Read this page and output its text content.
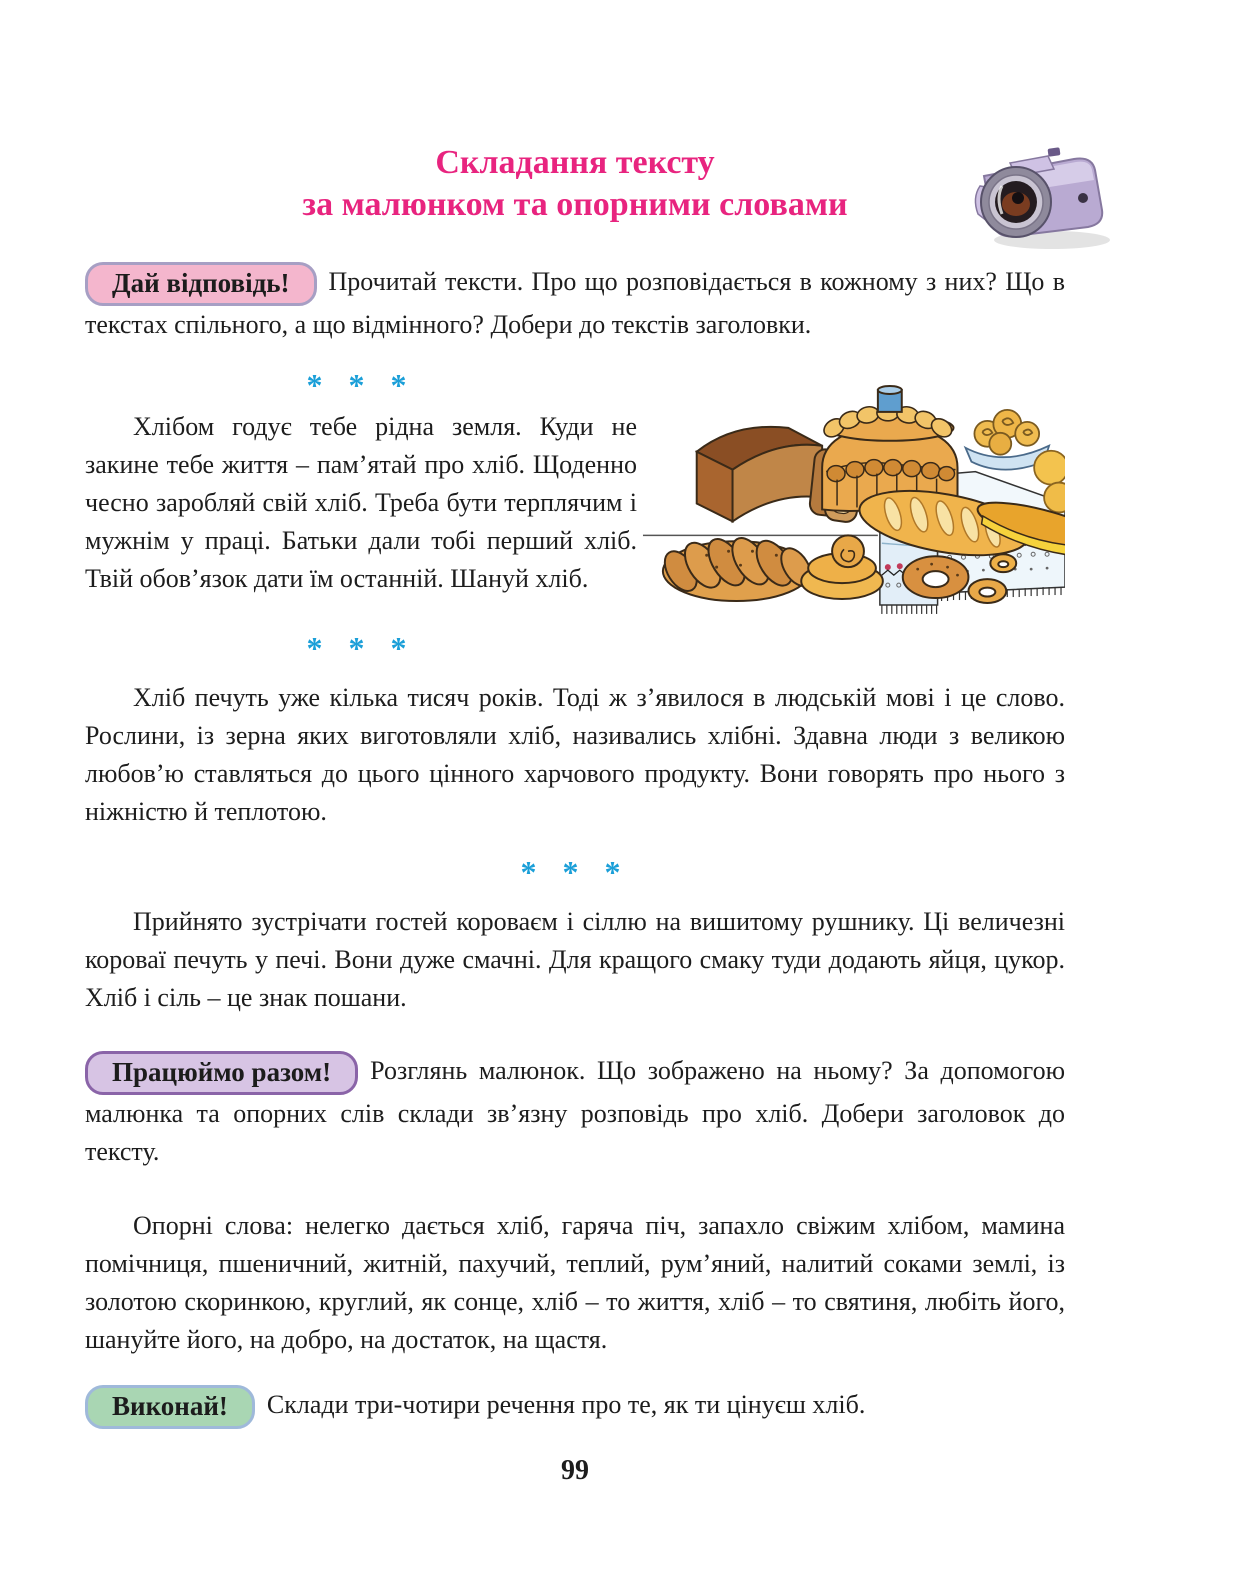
Складання тексту
за малюнком та опорними словами

Дай відповідь! Прочитай тексти. Про що розповідається в кожному з них? Що в текстах спільного, а що відмінного? Добери до текстів заголовки.

* * *

Хлібом годує тебе рідна земля. Куди не закине тебе життя – пам’ятай про хліб. Щоденно чесно заробляй свій хліб. Треба бути терплячим і мужнім у праці. Батьки дали тобі перший хліб. Твій обов’язок дати їм останній. Шануй хліб.

* * *

Хліб печуть уже кілька тисяч років. Тоді ж з’явилося в людській мові і це слово. Рослини, із зерна яких виготовляли хліб, називались хлібні. Здавна люди з великою любов’ю ставляться до цього цінного харчового продукту. Вони говорять про нього з ніжністю й теплотою.

* * *

Прийнято зустрічати гостей короваєм і сіллю на вишитому рушнику. Ці величезні короваї печуть у печі. Вони дуже смачні. Для кращого смаку туди додають яйця, цукор. Хліб і сіль – це знак пошани.

Працюймо разом! Розглянь малюнок. Що зображено на ньому? За допомогою малюнка та опорних слів склади зв’язну розповідь про хліб. Добери заголовок до тексту.

Опорні слова: нелегко дається хліб, гаряча піч, запахло свіжим хлібом, мамина помічниця, пшеничний, житній, пахучий, теплий, рум’яний, налитий соками землі, із золотою скоринкою, круглий, як сонце, хліб – то життя, хліб – то святиня, любіть його, шануйте його, на добро, на достаток, на щастя.

Виконай! Склади три-чотири речення про те, як ти цінуєш хліб.

99
